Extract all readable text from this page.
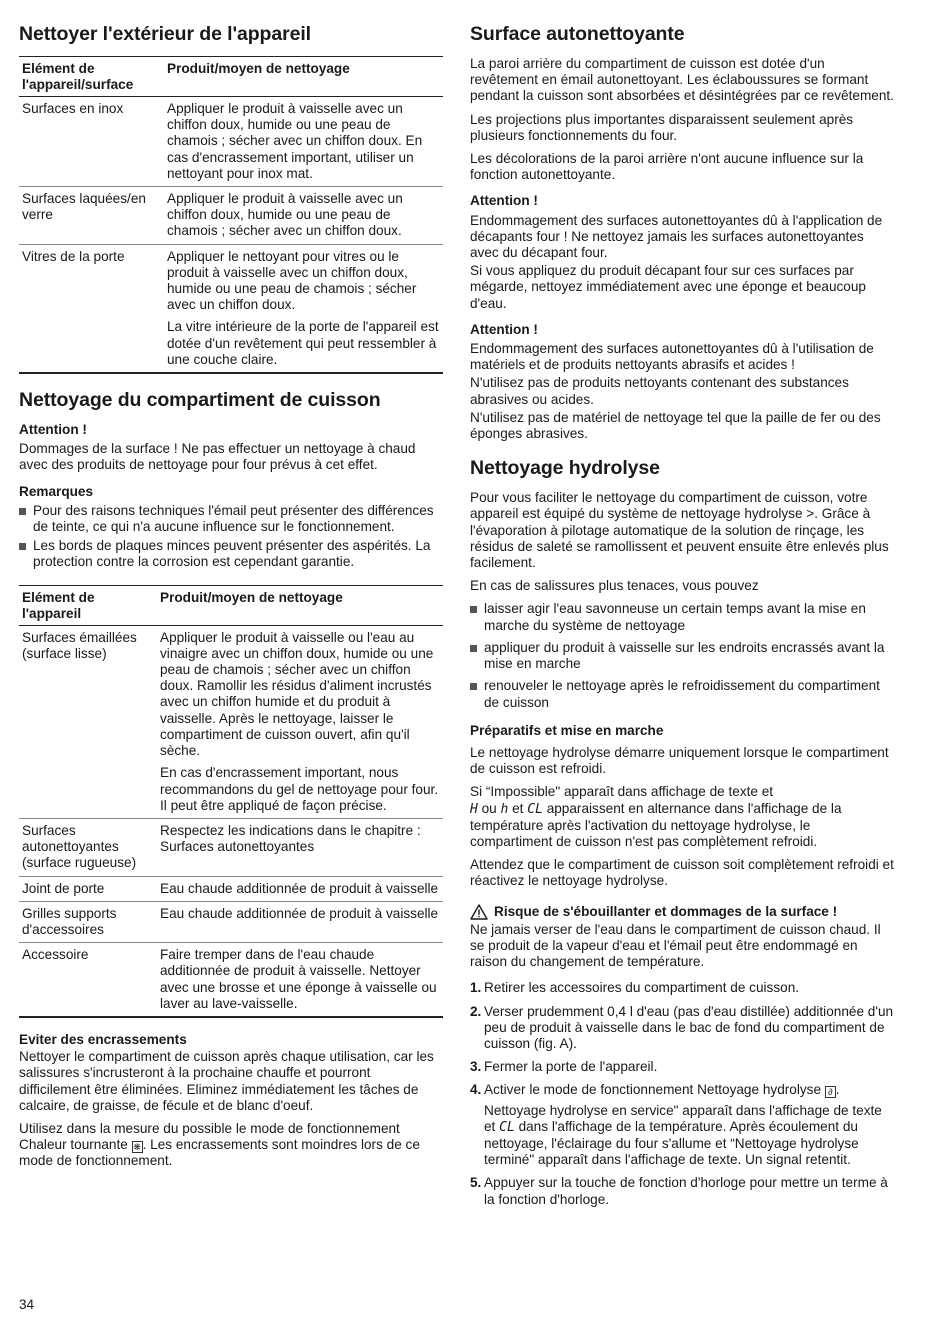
Nettoyer l'extérieur de l'appareil
Elément de l'appareil/surface	Produit/moyen de nettoyage
Surfaces en inox	Appliquer le produit à vaisselle avec un chiffon doux, humide ou une peau de chamois ; sécher avec un chiffon doux. En cas d'encrassement important, utiliser un nettoyant pour inox mat.

Surfaces laquées/en verre	Appliquer le produit à vaisselle avec un chiffon doux, humide ou une peau de chamois ; sécher avec un chiffon doux.

Vitres de la porte	Appliquer le nettoyant pour vitres ou le produit à vaisselle avec un chiffon doux, humide ou une peau de chamois ; sécher avec un chiffon doux.

La vitre intérieure de la porte de l'appareil est dotée d'un revêtement qui peut ressembler à une couche claire.

Nettoyage du compartiment de cuisson
Attention !

Dommages de la surface ! Ne pas effectuer un nettoyage à chaud avec des produits de nettoyage pour four prévus à cet effet.

Remarques
Pour des raisons techniques l'émail peut présenter des différences de teinte, ce qui n'a aucune influence sur le fonctionnement.
Les bords de plaques minces peuvent présenter des aspérités. La protection contre la corrosion est cependant garantie.
Elément de l'appareil	Produit/moyen de nettoyage
Surfaces émaillées (surface lisse)	Appliquer le produit à vaisselle ou l'eau au vinaigre avec un chiffon doux, humide ou une peau de chamois ; sécher avec un chiffon doux. Ramollir les résidus d'aliment incrustés avec un chiffon humide et du produit à vaisselle. Après le nettoyage, laisser le compartiment de cuisson ouvert, afin qu'il sèche.

En cas d'encrassement important, nous recommandons du gel de nettoyage pour four. Il peut être appliqué de façon précise.

Surfaces autonettoyantes (surface rugueuse)	Respectez les indications dans le chapitre : Surfaces autonettoyantes

Joint de porte	Eau chaude additionnée de produit à vaisselle

Grilles supports d'accessoires	Eau chaude additionnée de produit à vaisselle

Accessoire	Faire tremper dans de l'eau chaude additionnée de produit à vaisselle. Nettoyer avec une brosse et une éponge à vaisselle ou laver au lave-vaisselle.

Eviter des encrassements

Nettoyer le compartiment de cuisson après chaque utilisation, car les salissures s'incrusteront à la prochaine chauffe et pourront difficilement être éliminées. Eliminez immédiatement les tâches de calcaire, de graisse, de fécule et de blanc d'oeuf.

Utilisez dans la mesure du possible le mode de fonctionnement Chaleur tournante ❋ . Les encrassements sont moindres lors de ce mode de fonctionnement.

Surface autonettoyante

La paroi arrière du compartiment de cuisson est dotée d'un revêtement en émail autonettoyant. Les éclaboussures se formant pendant la cuisson sont absorbées et désintégrées par ce revêtement.

Les projections plus importantes disparaissent seulement après plusieurs fonctionnements du four.

Les décolorations de la paroi arrière n'ont aucune influence sur la fonction autonettoyante.

Attention !

Endommagement des surfaces autonettoyantes dû à l'application de décapants four ! Ne nettoyez jamais les surfaces autonettoyantes avec du décapant four.

Si vous appliquez du produit décapant four sur ces surfaces par mégarde, nettoyez immédiatement avec une éponge et beaucoup d'eau.

Attention !

Endommagement des surfaces autonettoyantes dû à l'utilisation de matériels et de produits nettoyants abrasifs et acides !

N'utilisez pas de produits nettoyants contenant des substances abrasives ou acides.

N'utilisez pas de matériel de nettoyage tel que la paille de fer ou des éponges abrasives.

Nettoyage hydrolyse

Pour vous faciliter le nettoyage du compartiment de cuisson, votre appareil est équipé du système de nettoyage hydrolyse >. Grâce à l'évaporation à pilotage automatique de la solution de rinçage, les résidus de saleté se ramollissent et peuvent ensuite être enlevés plus facilement.

En cas de salissures plus tenaces, vous pouvez

laisser agir l'eau savonneuse un certain temps avant la mise en marche du système de nettoyage
appliquer du produit à vaisselle sur les endroits encrassés avant la mise en marche
renouveler le nettoyage après le refroidissement du compartiment de cuisson
Préparatifs et mise en marche

Le nettoyage hydrolyse démarre uniquement lorsque le compartiment de cuisson est refroidi.

Si “Impossible" apparaît dans affichage de texte et
H ou h et CL apparaissent en alternance dans l'affichage de la température après l'activation du nettoyage hydrolyse, le compartiment de cuisson n'est pas complètement refroidi.

Attendez que le compartiment de cuisson soit complètement refroidi et réactivez le nettoyage hydrolyse.

Risque de s'ébouillanter et dommages de la surface !

Ne jamais verser de l'eau dans le compartiment de cuisson chaud. Il se produit de la vapeur d'eau et l'émail peut être endommagé en raison du changement de température.

1. Retirer les accessoires du compartiment de cuisson.

2. Verser prudemment 0,4 l d'eau (pas d'eau distillée) additionnée d'un peu de produit à vaisselle dans le bac de fond du compartiment de cuisson (fig. A).

3. Fermer la porte de l'appareil.

4. Activer le mode de fonctionnement Nettoyage hydrolyse ∂ .

Nettoyage hydrolyse en service" apparaît dans l'affichage de texte et CL dans l'affichage de la température. Après écoulement du nettoyage, l'éclairage du four s'allume et “Nettoyage hydrolyse terminé" apparaît dans l'affichage de texte. Un signal retentit.

5. Appuyer sur la touche de fonction d'horloge pour mettre un terme à la fonction d'horloge.

34
